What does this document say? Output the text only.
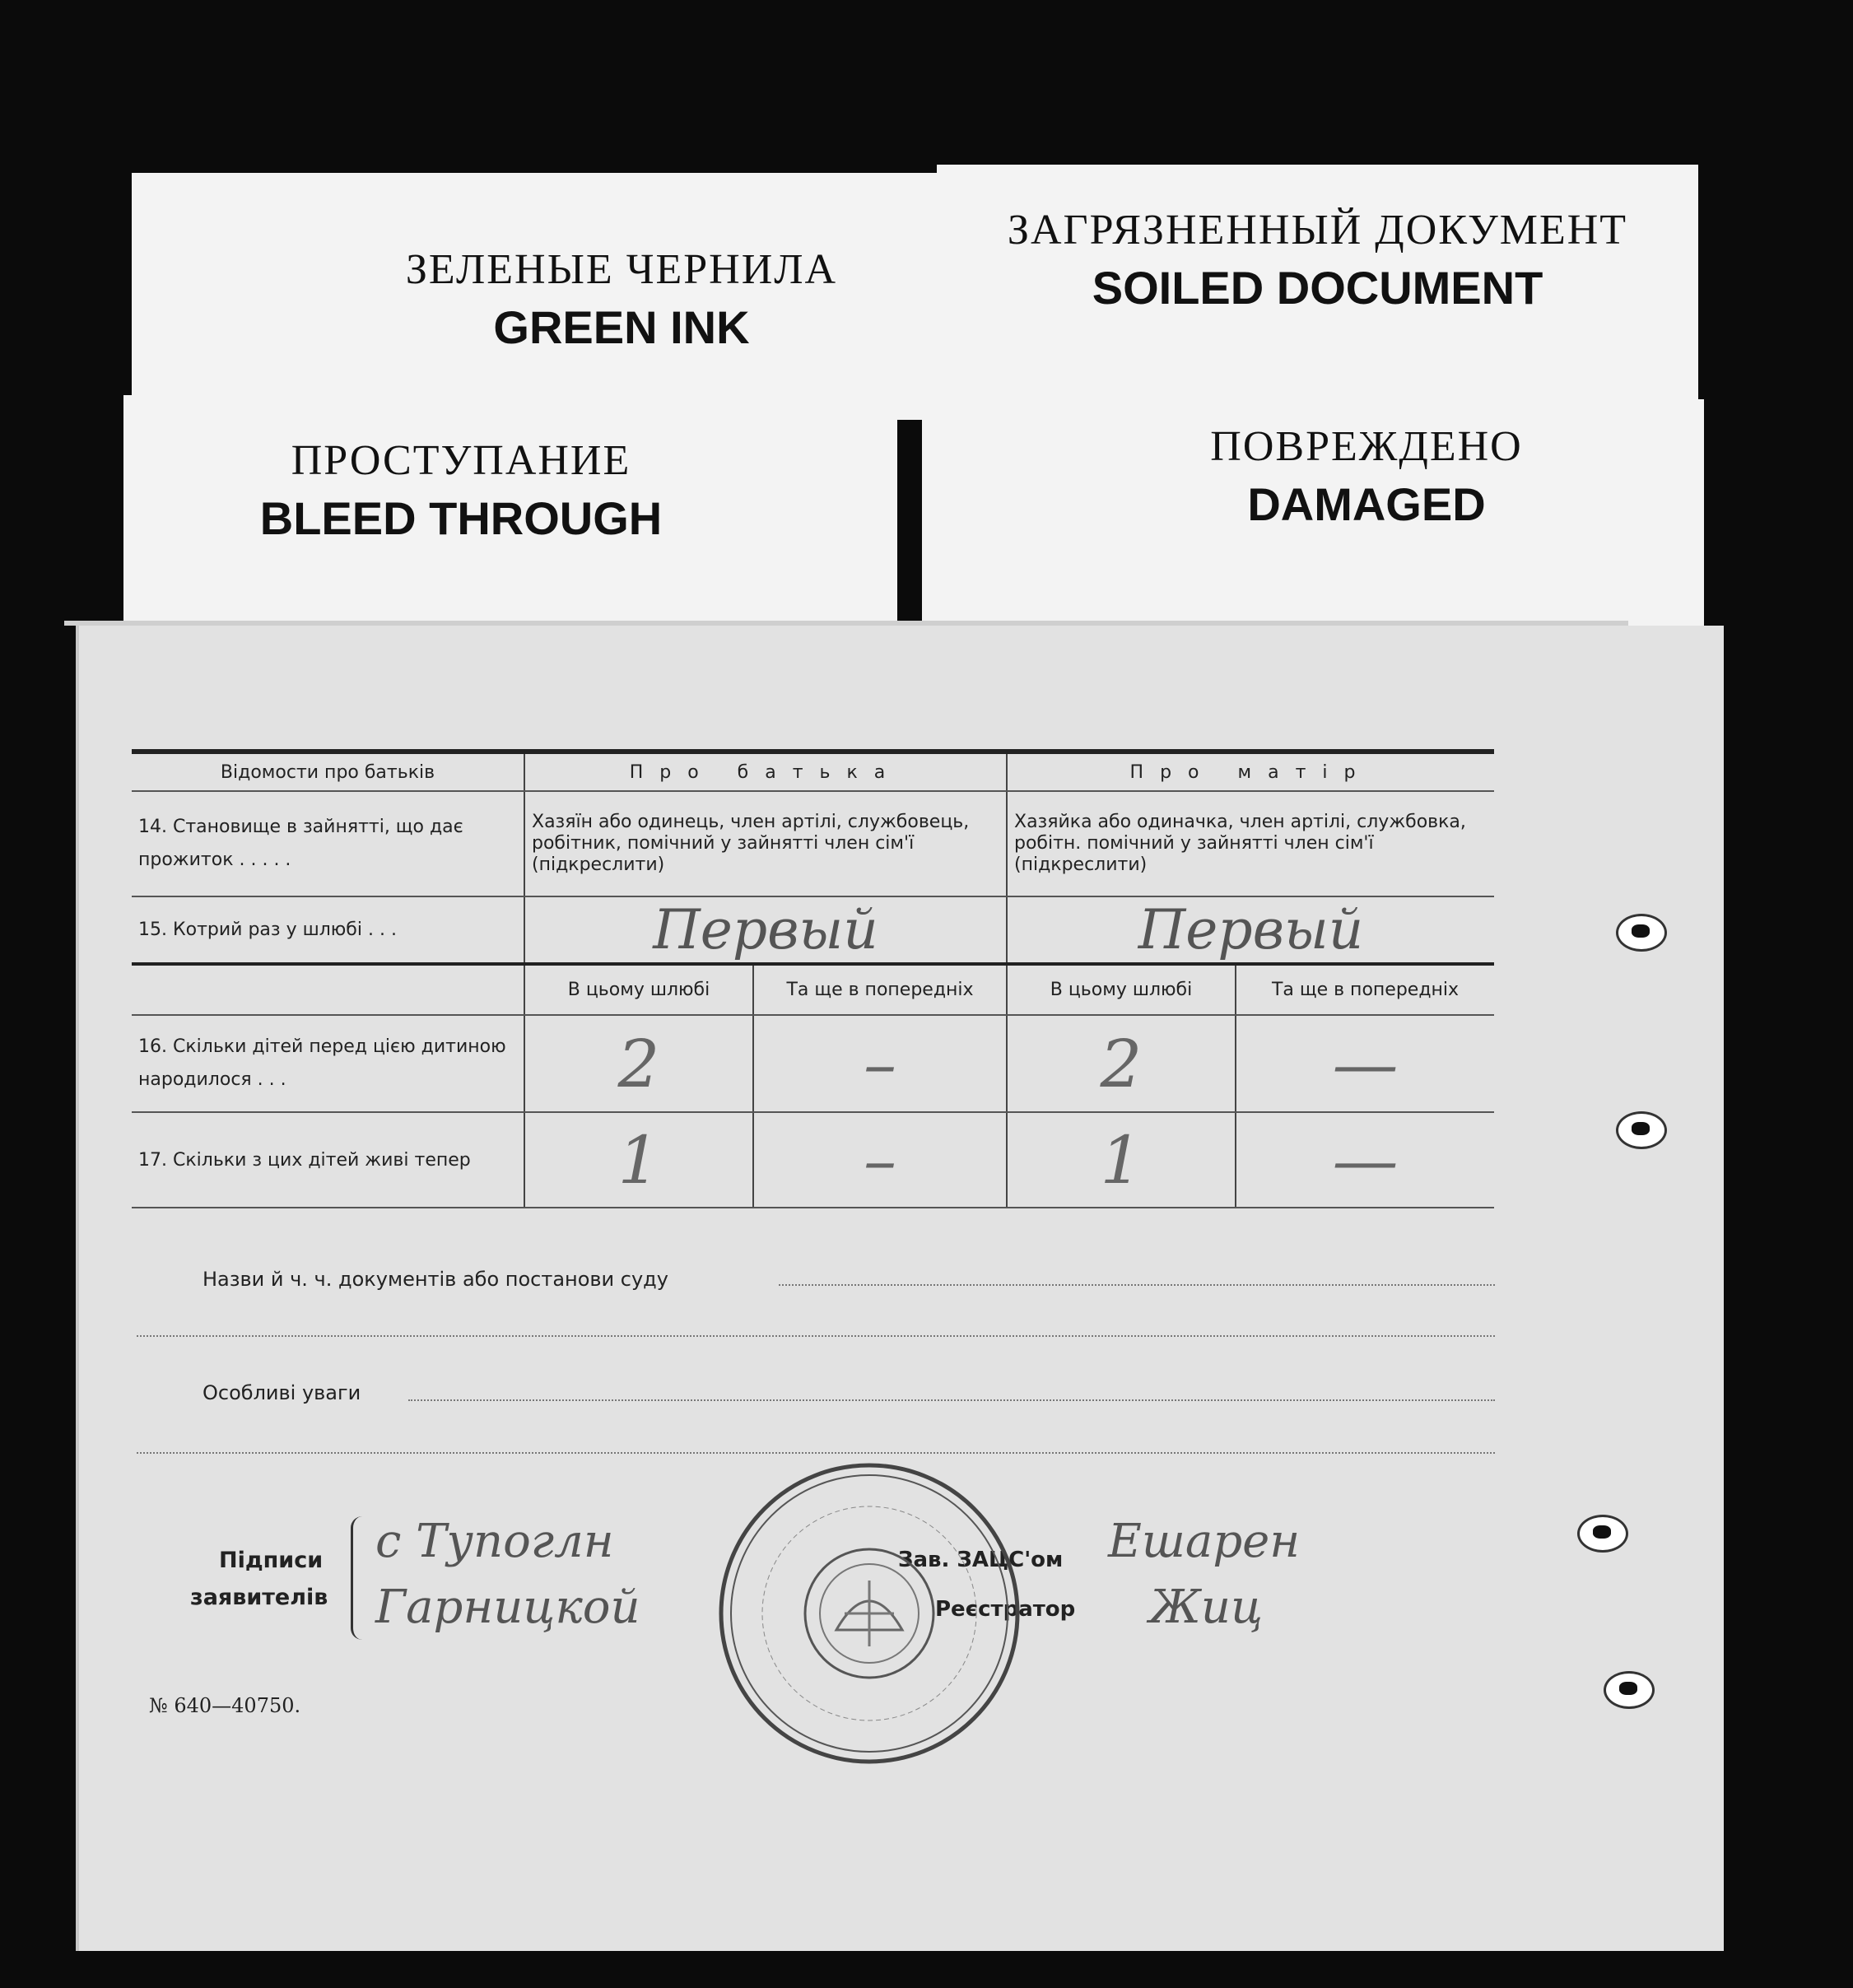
ЗЕЛЕНЫЕ ЧЕРНИЛА
GREEN INK
ЗАГРЯЗНЕННЫЙ ДОКУМЕНТ
SOILED DOCUMENT
ПРОСТУПАНИЕ
BLEED THROUGH
ПОВРЕЖДЕНО
DAMAGED
Відомости про батьків	Про батька		Про матір	
14. Становище в зайнятті, що дає прожиток . . . . .	Хазяїн або одинець, член артілі, службовець, робітник, помічний у зайнятті член сім'ї (підкреслити)		Хазяйка або одиначка, член артілі, службовка, робітн. помічний у зайнятті член сім'ї (підкреслити)	
15. Котрий раз у шлюбі . . .	Первый		Первый	
	В цьому шлюбі	Та ще в попередніх	В цьому шлюбі	Та ще в попередніх
16. Скільки дітей перед цією дитиною народилося . . .	2	–	2	—
17. Скільки з цих дітей живі тепер	1	–	1	—
Назви й ч. ч. документів або постанови суду
Особливі уваги
Підписи
заявителів
с Тупоглн
Гарницкой
Зав. ЗАЦС'ом
Реєстратор
Ешарен
Жиц
№ 640—40750.
